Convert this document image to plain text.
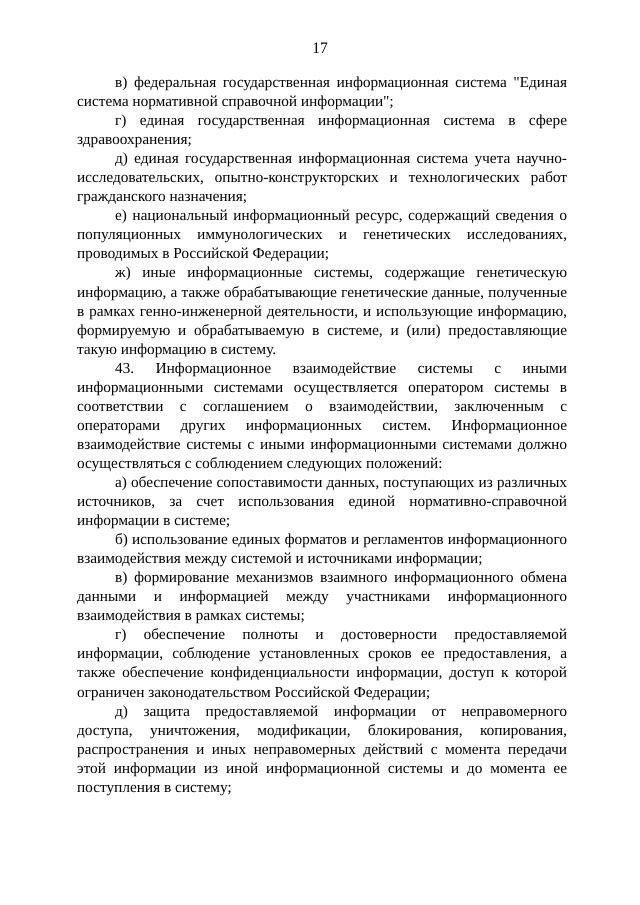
17

в) федеральная государственная информационная система "Единая система нормативной справочной информации";

г) единая государственная информационная система в сфере здравоохранения;

д) единая государственная информационная система учета научно-исследовательских, опытно-конструкторских и технологических работ гражданского назначения;

е) национальный информационный ресурс, содержащий сведения о популяционных иммунологических и генетических исследованиях, проводимых в Российской Федерации;

ж) иные информационные системы, содержащие генетическую информацию, а также обрабатывающие генетические данные, полученные в рамках генно-инженерной деятельности, и использующие информацию, формируемую и обрабатываемую в системе, и (или) предоставляющие такую информацию в систему.

43. Информационное взаимодействие системы с иными информационными системами осуществляется оператором системы в соответствии с соглашением о взаимодействии, заключенным с операторами других информационных систем. Информационное взаимодействие системы с иными информационными системами должно осуществляться с соблюдением следующих положений:

а) обеспечение сопоставимости данных, поступающих из различных источников, за счет использования единой нормативно-справочной информации в системе;

б) использование единых форматов и регламентов информационного взаимодействия между системой и источниками информации;

в) формирование механизмов взаимного информационного обмена данными и информацией между участниками информационного взаимодействия в рамках системы;

г) обеспечение полноты и достоверности предоставляемой информации, соблюдение установленных сроков ее предоставления, а также обеспечение конфиденциальности информации, доступ к которой ограничен законодательством Российской Федерации;

д) защита предоставляемой информации от неправомерного доступа, уничтожения, модификации, блокирования, копирования, распространения и иных неправомерных действий с момента передачи этой информации из иной информационной системы и до момента ее поступления в систему;
